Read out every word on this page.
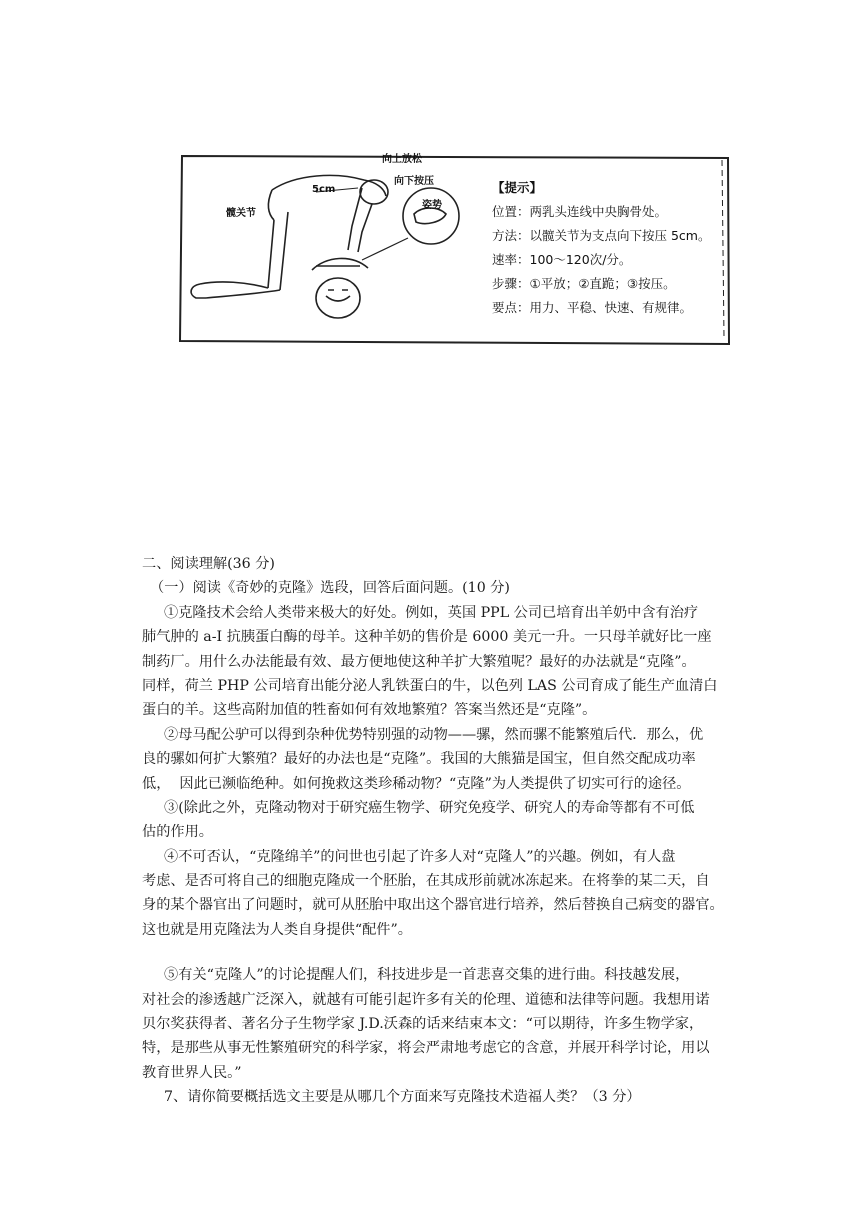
向上放松
向下按压
5cm
髋关节
姿势
【提示】
位置：两乳头连线中央胸骨处。
方法：以髋关节为支点向下按压 5cm。
速率：100～120次/分。
步骤：①平放；②直跪；③按压。
要点：用力、平稳、快速、有规律。
二、阅读理解(36 分)
（一）阅读《奇妙的克隆》选段，回答后面问题。(10 分)
①克隆技术会给人类带来极大的好处。例如，英国 PPL 公司已培育出羊奶中含有治疗
肺气肿的 a-I 抗胰蛋白酶的母羊。这种羊奶的售价是 6000 美元一升。一只母羊就好比一座
制药厂。用什么办法能最有效、最方便地使这种羊扩大繁殖呢？最好的办法就是“克隆”。
同样，荷兰 PHP 公司培育出能分泌人乳铁蛋白的牛，以色列 LAS 公司育成了能生产血清白
蛋白的羊。这些高附加值的牲畜如何有效地繁殖？答案当然还是“克隆”。
②母马配公驴可以得到杂种优势特别强的动物——骡，然而骡不能繁殖后代．那么，优
良的骡如何扩大繁殖？最好的办法也是“克隆”。我国的大熊猫是国宝，但自然交配成功率
低，  因此已濒临绝种。如何挽救这类珍稀动物？“克隆”为人类提供了切实可行的途径。
③(除此之外，克隆动物对于研究癌生物学、研究免疫学、研究人的寿命等都有不可低
估的作用。
④不可否认，“克隆绵羊”的问世也引起了许多人对“克隆人”的兴趣。例如，有人盘
考虑、是否可将自己的细胞克隆成一个胚胎，在其成形前就冰冻起来。在将拳的某二天，自
身的某个器官出了问题时，就可从胚胎中取出这个器官进行培养，然后替换自己病变的器官。
这也就是用克隆法为人类自身提供“配件”。
⑤有关“克隆人”的讨论提醒人们，科技进步是一首悲喜交集的进行曲。科技越发展，
对社会的渗透越广泛深入，就越有可能引起许多有关的伦理、道德和法律等问题。我想用诺
贝尔奖获得者、著名分子生物学家 J.D.沃森的话来结束本文：“可以期待，许多生物学家，
特，是那些从事无性繁殖研究的科学家，将会严肃地考虑它的含意，并展开科学讨论，用以
教育世界人民。”
7、请你简要概括选文主要是从哪几个方面来写克隆技术造福人类？（3 分）
